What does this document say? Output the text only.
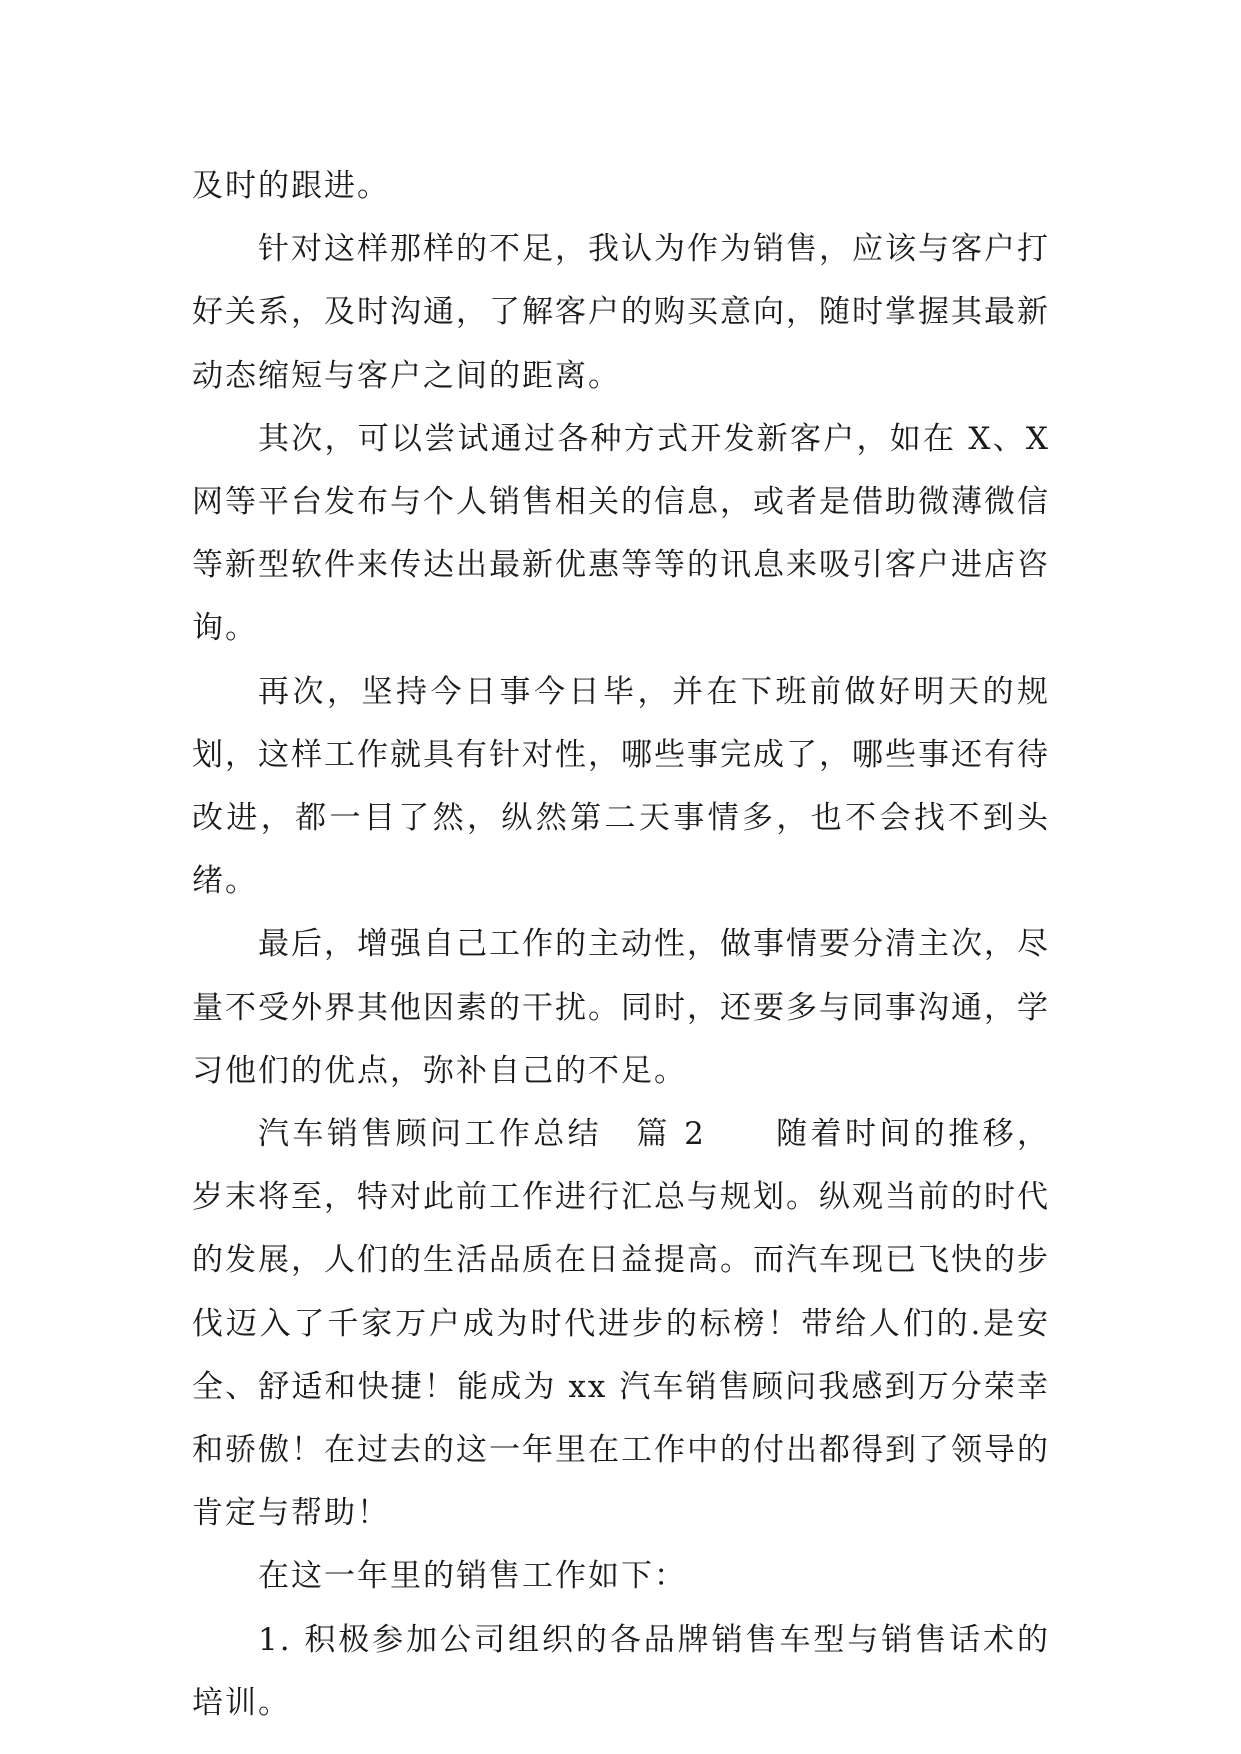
及时的跟进。

针对这样那样的不足，我认为作为销售，应该与客户打好关系，及时沟通，了解客户的购买意向，随时掌握其最新动态缩短与客户之间的距离。

其次，可以尝试通过各种方式开发新客户，如在 X、X 网等平台发布与个人销售相关的信息，或者是借助微薄微信等新型软件来传达出最新优惠等等的讯息来吸引客户进店咨询。

再次，坚持今日事今日毕，并在下班前做好明天的规划，这样工作就具有针对性，哪些事完成了，哪些事还有待改进，都一目了然，纵然第二天事情多，也不会找不到头绪。

最后，增强自己工作的主动性，做事情要分清主次，尽量不受外界其他因素的干扰。同时，还要多与同事沟通，学习他们的优点，弥补自己的不足。

汽车销售顾问工作总结　篇 2　　随着时间的推移，岁末将至，特对此前工作进行汇总与规划。纵观当前的时代的发展，人们的生活品质在日益提高。而汽车现已飞快的步伐迈入了千家万户成为时代进步的标榜！带给人们的.是安全、舒适和快捷！能成为 xx 汽车销售顾问我感到万分荣幸和骄傲！在过去的这一年里在工作中的付出都得到了领导的肯定与帮助！

在这一年里的销售工作如下：

1. 积极参加公司组织的各品牌销售车型与销售话术的培训。
